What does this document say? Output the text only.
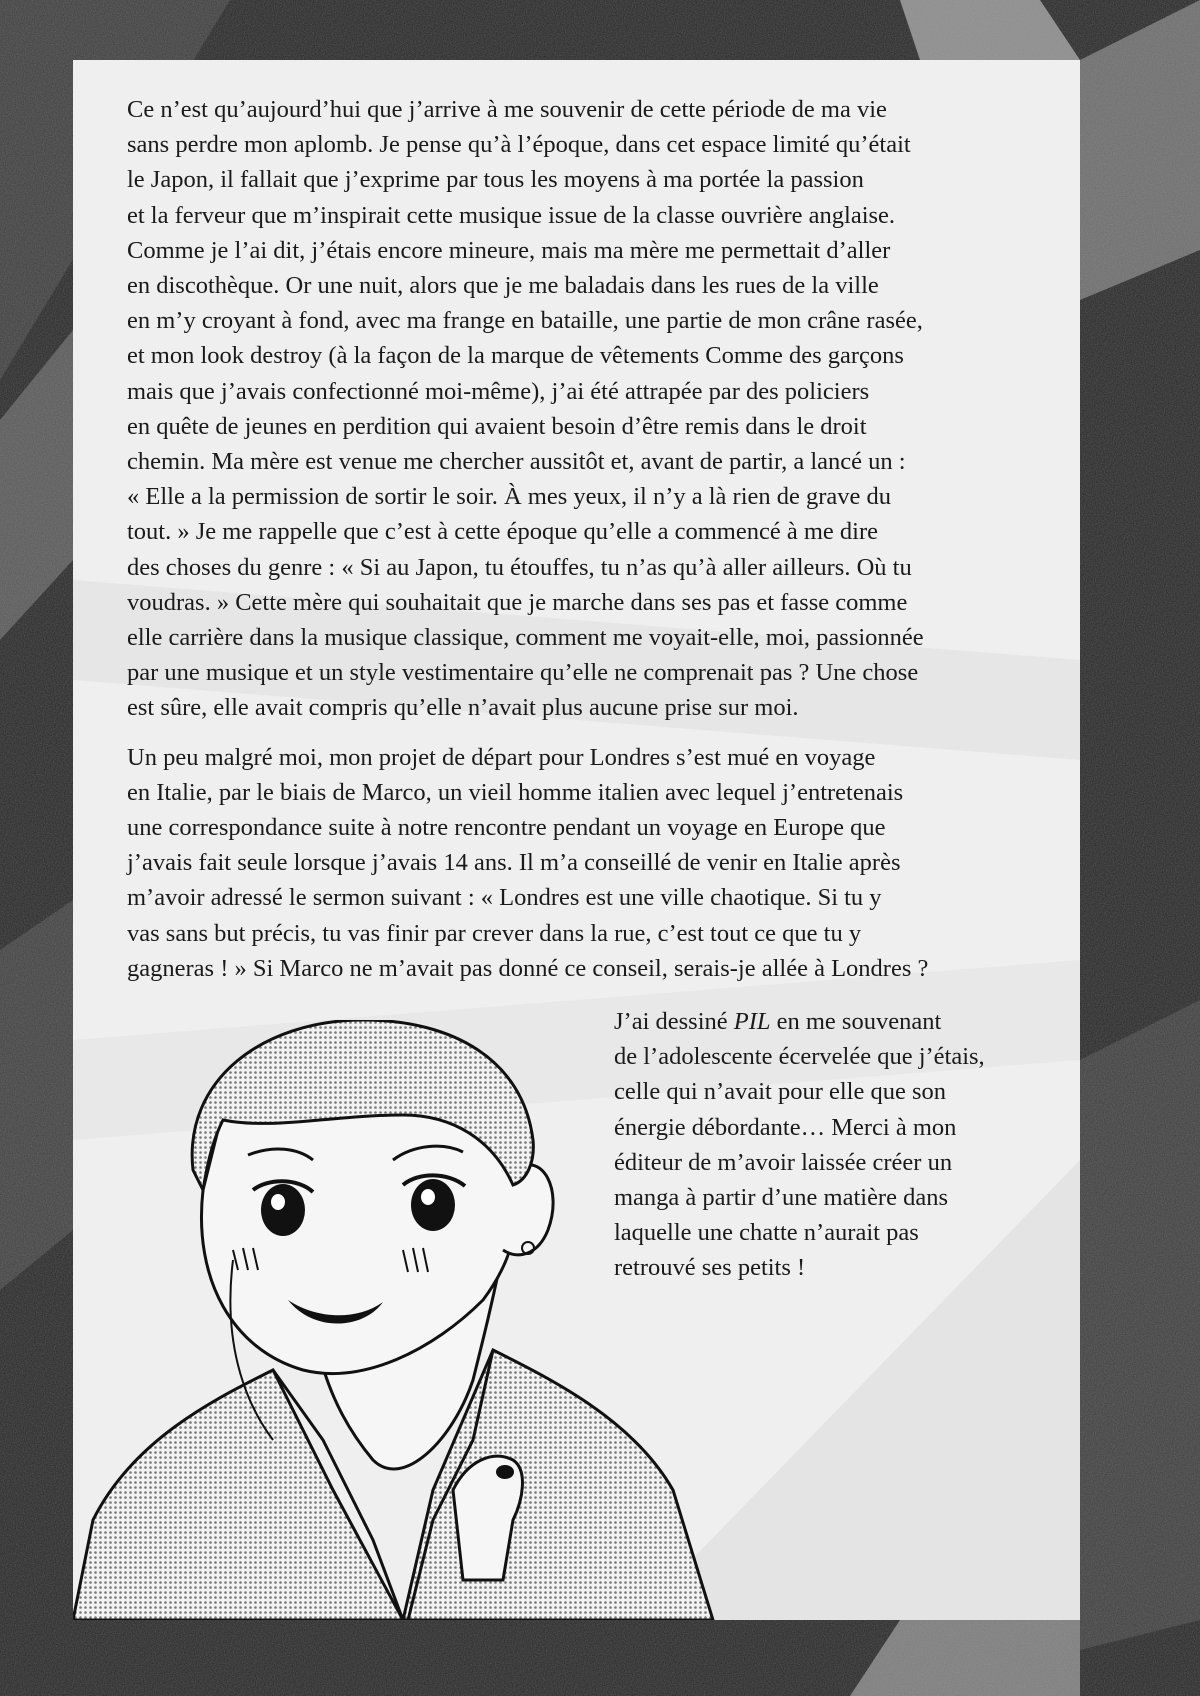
Ce n’est qu’aujourd’hui que j’arrive à me souvenir de cette période de ma vie
sans perdre mon aplomb. Je pense qu’à l’époque, dans cet espace limité qu’était
le Japon, il fallait que j’exprime par tous les moyens à ma portée la passion
et la ferveur que m’inspirait cette musique issue de la classe ouvrière anglaise.
Comme je l’ai dit, j’étais encore mineure, mais ma mère me permettait d’aller
en discothèque. Or une nuit, alors que je me baladais dans les rues de la ville
en m’y croyant à fond, avec ma frange en bataille, une partie de mon crâne rasée,
et mon look destroy (à la façon de la marque de vêtements Comme des garçons
mais que j’avais confectionné moi-même), j’ai été attrapée par des policiers
en quête de jeunes en perdition qui avaient besoin d’être remis dans le droit
chemin. Ma mère est venue me chercher aussitôt et, avant de partir, a lancé un :
« Elle a la permission de sortir le soir. À mes yeux, il n’y a là rien de grave du
tout. » Je me rappelle que c’est à cette époque qu’elle a commencé à me dire
des choses du genre : « Si au Japon, tu étouffes, tu n’as qu’à aller ailleurs. Où tu
voudras. » Cette mère qui souhaitait que je marche dans ses pas et fasse comme
elle carrière dans la musique classique, comment me voyait-elle, moi, passionnée
par une musique et un style vestimentaire qu’elle ne comprenait pas ? Une chose
est sûre, elle avait compris qu’elle n’avait plus aucune prise sur moi.

Un peu malgré moi, mon projet de départ pour Londres s’est mué en voyage
en Italie, par le biais de Marco, un vieil homme italien avec lequel j’entretenais
une correspondance suite à notre rencontre pendant un voyage en Europe que
j’avais fait seule lorsque j’avais 14 ans. Il m’a conseillé de venir en Italie après
m’avoir adressé le sermon suivant : « Londres est une ville chaotique. Si tu y
vas sans but précis, tu vas finir par crever dans la rue, c’est tout ce que tu y
gagneras ! » Si Marco ne m’avait pas donné ce conseil, serais-je allée à Londres ?

J’ai dessiné PIL en me souvenant
de l’adolescente écervelée que j’étais,
celle qui n’avait pour elle que son
énergie débordante… Merci à mon
éditeur de m’avoir laissée créer un
manga à partir d’une matière dans
laquelle une chatte n’aurait pas
retrouvé ses petits !
